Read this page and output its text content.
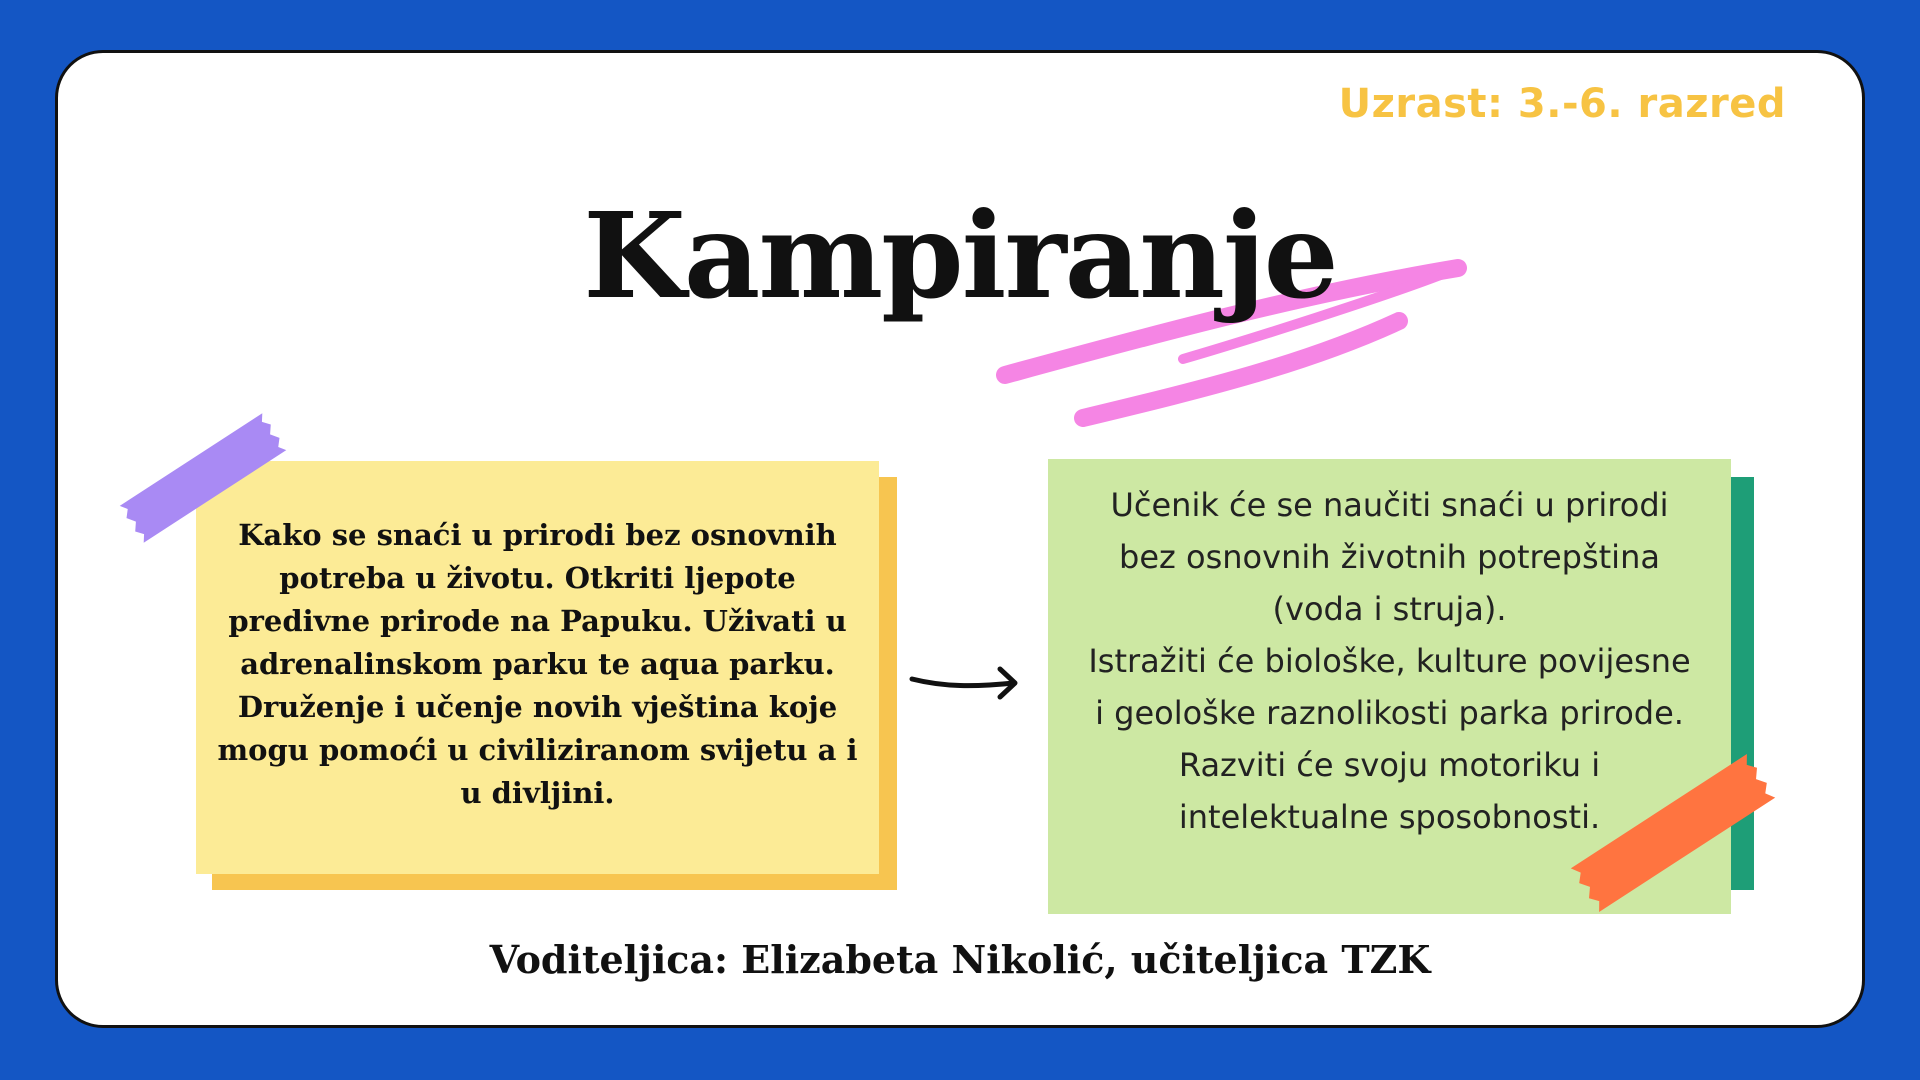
Uzrast: 3.-6. razred
Kampiranje
Kako se snaći u prirodi bez osnovnih potreba u životu. Otkriti ljepote predivne prirode na Papuku. Uživati u adrenalinskom parku te aqua parku. Druženje i učenje novih vještina koje mogu pomoći u civiliziranom svijetu a i u divljini.
Učenik će se naučiti snaći u prirodi
bez osnovnih životnih potrepština
(voda i struja).
Istražiti će biološke, kulture povijesne
i geološke raznolikosti parka prirode.
Razviti će svoju motoriku i
intelektualne sposobnosti.
Voditeljica: Elizabeta Nikolić, učiteljica TZK
